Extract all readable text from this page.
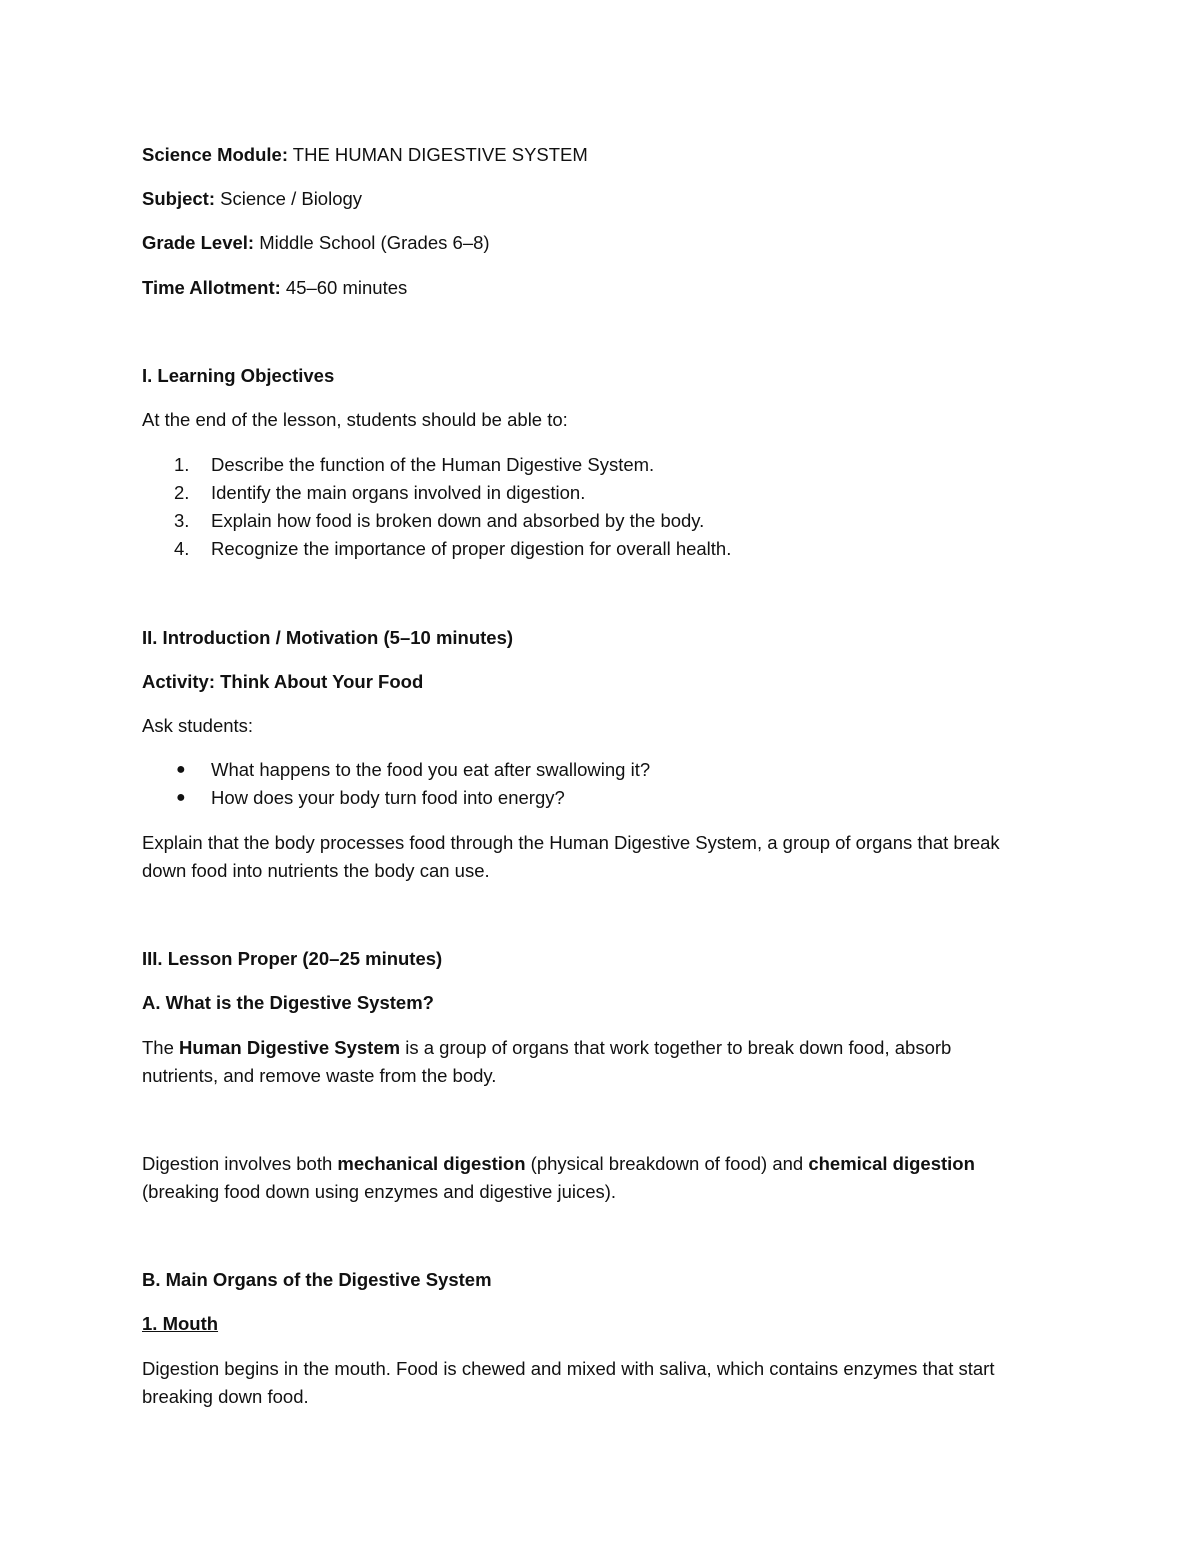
Science Module: THE HUMAN DIGESTIVE SYSTEM

Subject: Science / Biology

Grade Level: Middle School (Grades 6–8)

Time Allotment: 45–60 minutes

I. Learning Objectives

At the end of the lesson, students should be able to:

1. Describe the function of the Human Digestive System.
2. Identify the main organs involved in digestion.
3. Explain how food is broken down and absorbed by the body.
4. Recognize the importance of proper digestion for overall health.

II. Introduction / Motivation (5–10 minutes)

Activity: Think About Your Food

Ask students:

● What happens to the food you eat after swallowing it?
● How does your body turn food into energy?

Explain that the body processes food through the Human Digestive System, a group of organs that break

down food into nutrients the body can use.

III. Lesson Proper (20–25 minutes)

A. What is the Digestive System?

The Human Digestive System is a group of organs that work together to break down food, absorb

nutrients, and remove waste from the body.

Digestion involves both mechanical digestion (physical breakdown of food) and chemical digestion

(breaking food down using enzymes and digestive juices).

B. Main Organs of the Digestive System

1. Mouth

Digestion begins in the mouth. Food is chewed and mixed with saliva, which contains enzymes that start

breaking down food.
